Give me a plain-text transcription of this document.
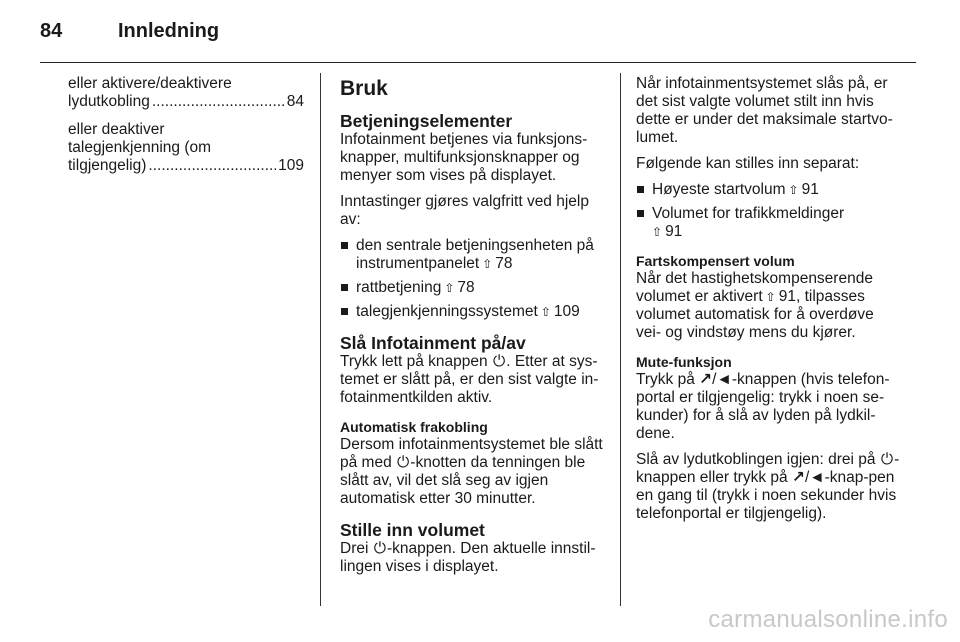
84	Innledning
eller aktivere/deaktivere
lydutkobling .....	84
eller deaktiver
talegjenkjenning (om
tilgjengelig) .....	109
Bruk
Betjeningselementer

Infotainment betjenes via funksjons-knapper, multifunksjonsknapper og menyer som vises på displayet.

Inntastinger gjøres valgfritt ved hjelp av:

den sentrale betjeningsenheten på instrumentpanelet ⇧ 78
rattbetjening ⇧ 78
talegjenkjenningssystemet ⇧ 109
Slå Infotainment på/av

Trykk lett på knappen ⏻. Etter at sys-temet er slått på, er den sist valgte in-fotainmentkilden aktiv.

Automatisk frakobling

Dersom infotainmentsystemet ble slått på med ⏻-knotten da tenningen ble slått av, vil det slå seg av igjen automatisk etter 30 minutter.

Stille inn volumet

Drei ⏻-knappen. Den aktuelle innstil-lingen vises i displayet.

Når infotainmentsystemet slås på, er det sist valgte volumet stilt inn hvis dette er under det maksimale startvo-lumet.

Følgende kan stilles inn separat:

Høyeste startvolum ⇧ 91
Volumet for trafikkmeldinger
⇧ 91
Fartskompensert volum

Når det hastighetskompenserende volumet er aktivert ⇧ 91, tilpasses volumet automatisk for å overdøve vei- og vindstøy mens du kjører.

Mute-funksjon

Trykk på ↗/◄-knappen (hvis telefon-portal er tilgjengelig: trykk i noen se-kunder) for å slå av lyden på lydkil-dene.

Slå av lydutkoblingen igjen: drei på ⏻-knappen eller trykk på ↗/◄-knap-pen en gang til (trykk i noen sekunder hvis telefonportal er tilgjengelig).

carmanualsonline.info
